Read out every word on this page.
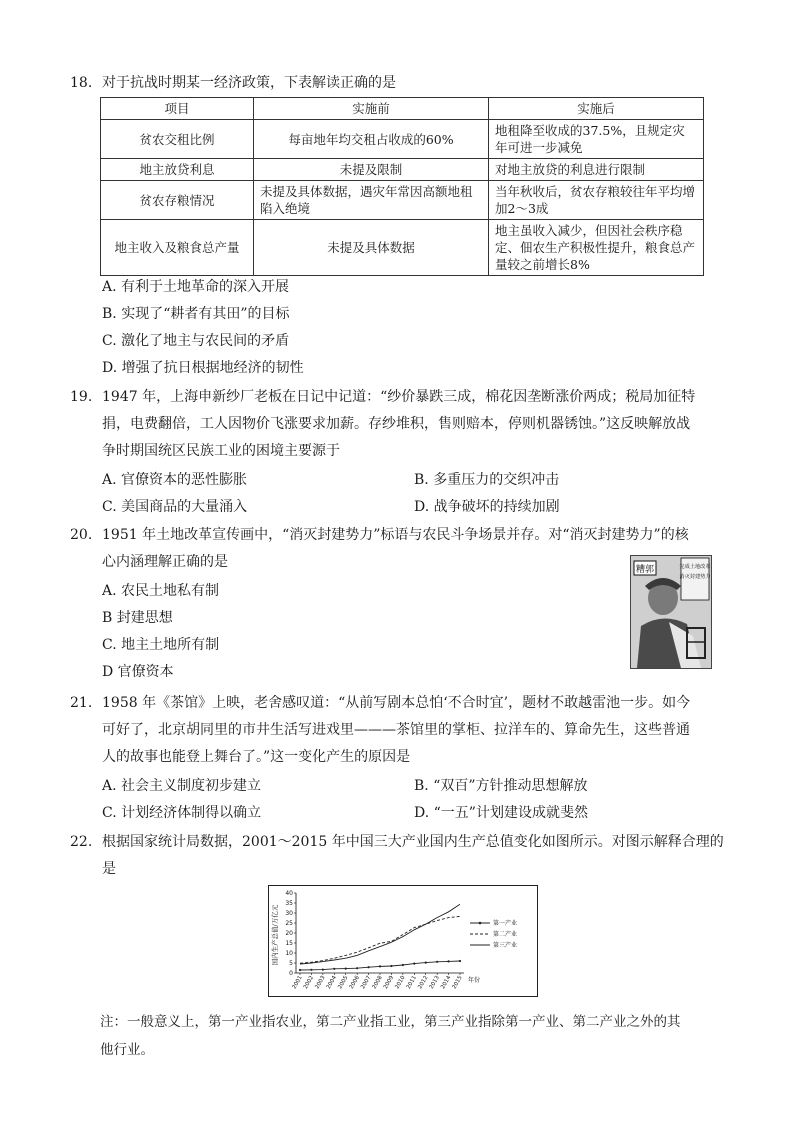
18. 对于抗战时期某一经济政策，下表解读正确的是
项目	实施前	实施后
贫农交租比例	每亩地年均交租占收成的60%	地租降至收成的37.5%，且规定灾年可进一步减免
地主放贷利息	未提及限制	对地主放贷的利息进行限制
贫农存粮情况	未提及具体数据，遇灾年常因高额地租陷入绝境	当年秋收后，贫农存粮较往年平均增加2～3成
地主收入及粮食总产量	未提及具体数据	地主虽收入减少，但因社会秩序稳定、佃农生产积极性提升，粮食总产量较之前增长8%
A. 有利于土地革命的深入开展
B. 实现了“耕者有其田”的目标
C. 激化了地主与农民间的矛盾
D. 增强了抗日根据地经济的韧性
19. 1947 年，上海申新纱厂老板在日记中记道：“纱价暴跌三成，棉花因垄断涨价两成；税局加征特
捐，电费翻倍，工人因物价飞涨要求加薪。存纱堆积，售则赔本，停则机器锈蚀。”这反映解放战
争时期国统区民族工业的困境主要源于
A. 官僚资本的恶性膨胀	B. 多重压力的交织冲击
C. 美国商品的大量涌入	D. 战争破坏的持续加剧
20. 1951 年土地改革宣传画中，“消灭封建势力”标语与农民斗争场景并存。对“消灭封建势力”的核
心内涵理解正确的是
A. 农民土地私有制
B 封建思想
C. 地主土地所有制
D 官僚资本
糟郭	完成土地改革
消灭封建势力
21. 1958 年《茶馆》上映，老舍感叹道：“从前写剧本总怕‘不合时宜’，题材不敢越雷池一步。如今
可好了，北京胡同里的市井生活写进戏里———茶馆里的掌柜、拉洋车的、算命先生，这些普通
人的故事也能登上舞台了。”这一变化产生的原因是
A. 社会主义制度初步建立	B. “双百”方针推动思想解放
C. 计划经济体制得以确立	D. “一五”计划建设成就斐然
22. 根据国家统计局数据，2001～2015 年中国三大产业国内生产总值变化如图所示。对图示解释合理的
是
国内生产总值/万亿元
0
5
10
15
20
25
30
35
40
2001 2002 2003 2004 2005 2006 2007 2008 2009 2010 2011 2012 2013 2014 2015 年份
第一产业
第二产业
第三产业
注：一般意义上，第一产业指农业，第二产业指工业，第三产业指除第一产业、第二产业之外的其
他行业。
